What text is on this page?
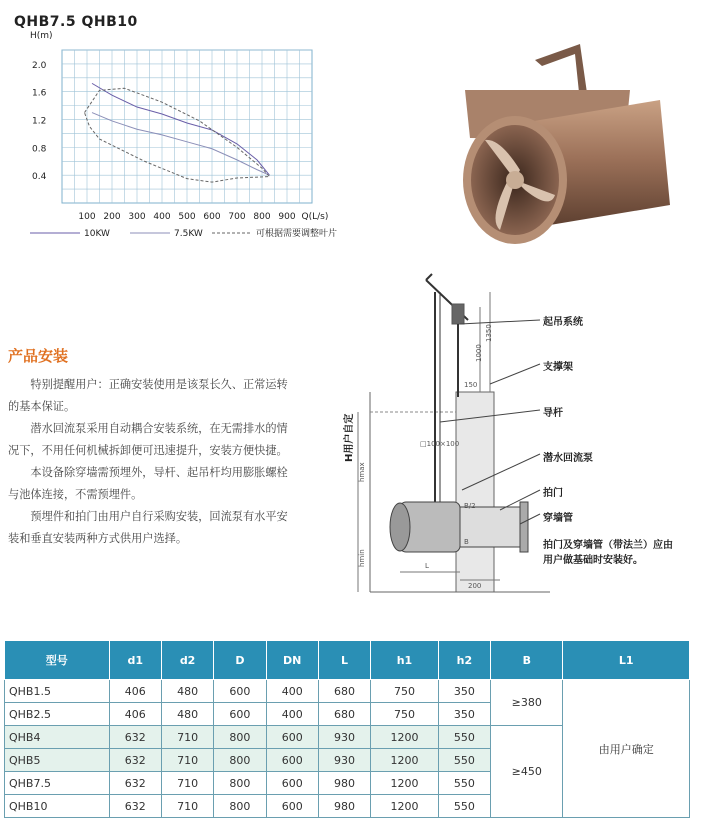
QHB7.5 QHB10
2.0
1.6
1.2
0.8
0.4
100 200 300 400 500 600 700 800 900
H(m)
Q(L/s)
10KW	7.5KW	可根据需要调整叶片
产品安装

特别提醒用户：正确安装使用是该泵长久、正常运转的基本保证。

潜水回流泵采用自动耦合安装系统，在无需排水的情况下，不用任何机械拆卸便可迅速提升，安装方便快捷。

本设备除穿墙需预埋外，导杆、起吊杆均用膨胀螺栓与池体连接，不需预埋件。

预埋件和拍门由用户自行采购安装，回流泵有水平安装和垂直安装两种方式供用户选择。

1000
1350
150
□100×100
hmax
hmin
B/2
B
L
200
H用户自定
起吊系统
支撑架
导杆
潜水回流泵
拍门
穿墙管
拍门及穿墙管（带法兰）应由
用户做基础时安装好。
型号	d1	d2	D	DN	L	h1	h2	B	L1
QHB1.5	406	480	600	400	680	750	350	≥380	由用户确定
QHB2.5	406	480	600	400	680	750	350		
QHB4	632	710	800	600	930	1200	550	≥450	
QHB5	632	710	800	600	930	1200	550		
QHB7.5	632	710	800	600	980	1200	550		
QHB10	632	710	800	600	980	1200	550		
